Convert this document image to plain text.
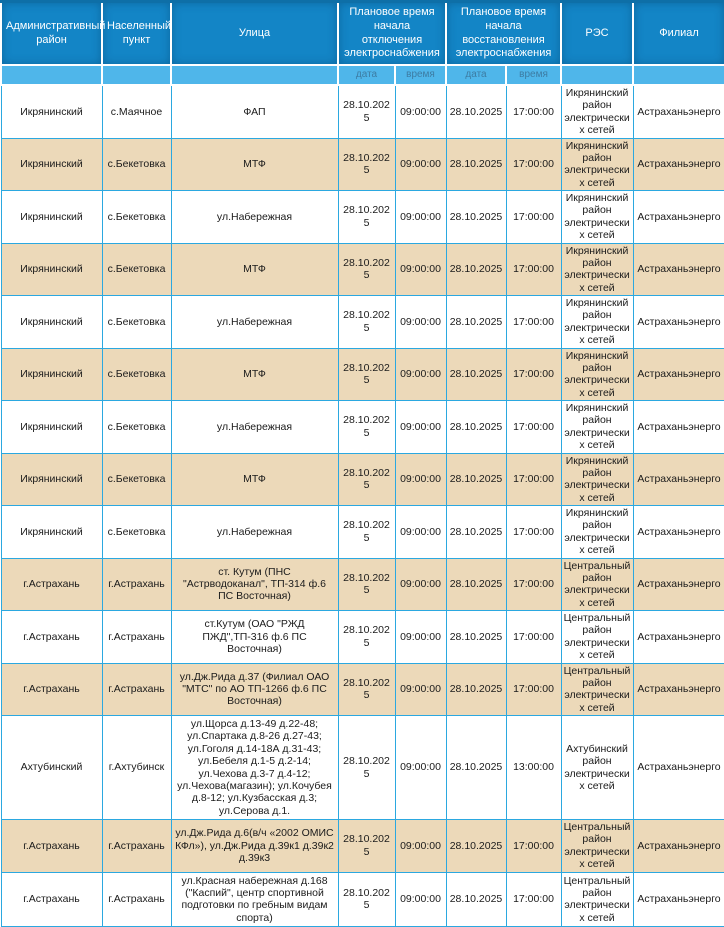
Административный район	Населенный пункт	Улица	Плановое время начала отключения электроснабжения		Плановое время начала восстановления электроснабжения		РЭС	Филиал
			дата	время	дата	время		
Икрянинский	с.Маячное	ФАП	28.10.2025	09:00:00	28.10.2025	17:00:00	Икрянинский район электрических сетей	Астраханьэнерго
Икрянинский	с.Бекетовка	МТФ	28.10.2025	09:00:00	28.10.2025	17:00:00	Икрянинский район электрических сетей	Астраханьэнерго
Икрянинский	с.Бекетовка	ул.Набережная	28.10.2025	09:00:00	28.10.2025	17:00:00	Икрянинский район электрических сетей	Астраханьэнерго
Икрянинский	с.Бекетовка	МТФ	28.10.2025	09:00:00	28.10.2025	17:00:00	Икрянинский район электрических сетей	Астраханьэнерго
Икрянинский	с.Бекетовка	ул.Набережная	28.10.2025	09:00:00	28.10.2025	17:00:00	Икрянинский район электрических сетей	Астраханьэнерго
Икрянинский	с.Бекетовка	МТФ	28.10.2025	09:00:00	28.10.2025	17:00:00	Икрянинский район электрических сетей	Астраханьэнерго
Икрянинский	с.Бекетовка	ул.Набережная	28.10.2025	09:00:00	28.10.2025	17:00:00	Икрянинский район электрических сетей	Астраханьэнерго
Икрянинский	с.Бекетовка	МТФ	28.10.2025	09:00:00	28.10.2025	17:00:00	Икрянинский район электрических сетей	Астраханьэнерго
Икрянинский	с.Бекетовка	ул.Набережная	28.10.2025	09:00:00	28.10.2025	17:00:00	Икрянинский район электрических сетей	Астраханьэнерго
г.Астрахань	г.Астрахань	ст. Кутум (ПНС "Астрводоканал", ТП-314 ф.6 ПС Восточная)	28.10.2025	09:00:00	28.10.2025	17:00:00	Центральный район электрических сетей	Астраханьэнерго
г.Астрахань	г.Астрахань	ст.Кутум (ОАО "РЖД ПЖД",ТП-316 ф.6 ПС Восточная)	28.10.2025	09:00:00	28.10.2025	17:00:00	Центральный район электрических сетей	Астраханьэнерго
г.Астрахань	г.Астрахань	ул.Дж.Рида д.37 (Филиал ОАО "МТС" по АО ТП-1266 ф.6 ПС Восточная)	28.10.2025	09:00:00	28.10.2025	17:00:00	Центральный район электрических сетей	Астраханьэнерго
Ахтубинский	г.Ахтубинск	ул.Щорса д.13-49 д.22-48; ул.Спартака д.8-26 д.27-43; ул.Гоголя д.14-18А д.31-43; ул.Бебеля д.1-5 д.2-14; ул.Чехова д.3-7 д.4-12; ул.Чехова(магазин); ул.Кочубея д.8-12; ул.Кузбасская д.3; ул.Серова д.1.	28.10.2025	09:00:00	28.10.2025	13:00:00	Ахтубинский район электрических сетей	Астраханьэнерго
г.Астрахань	г.Астрахань	ул.Дж.Рида д.6(в/ч «2002 ОМИС КФл»), ул.Дж.Рида д.39к1 д.39к2 д.39к3	28.10.2025	09:00:00	28.10.2025	17:00:00	Центральный район электрических сетей	Астраханьэнерго
г.Астрахань	г.Астрахань	ул.Красная набережная д.168 ("Каспий", центр спортивной подготовки по гребным видам спорта)	28.10.2025	09:00:00	28.10.2025	17:00:00	Центральный район электрических сетей	Астраханьэнерго
